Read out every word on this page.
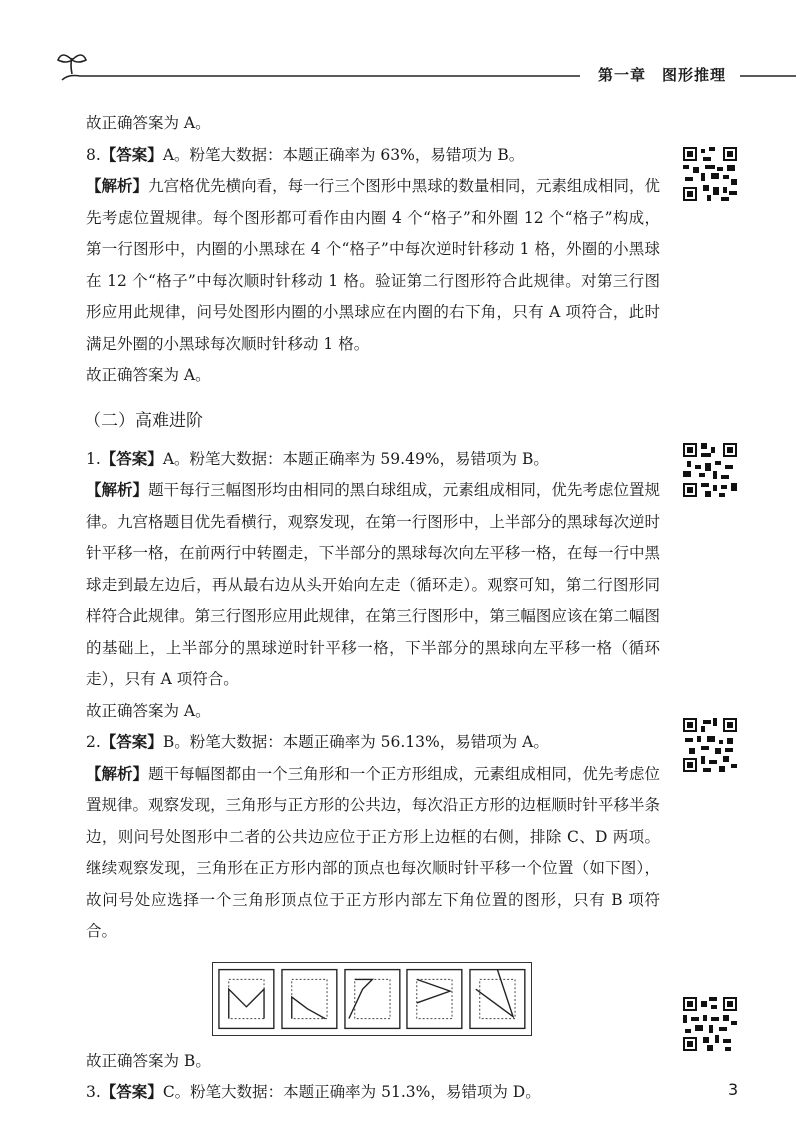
第一章 图形推理

故正确答案为 A。

8.【答案】A。粉笔大数据：本题正确率为 63%，易错项为 B。

【解析】九宫格优先横向看，每一行三个图形中黑球的数量相同，元素组成相同，优先考虑位置规律。每个图形都可看作由内圈 4 个“格子”和外圈 12 个“格子”构成，第一行图形中，内圈的小黑球在 4 个“格子”中每次逆时针移动 1 格，外圈的小黑球在 12 个“格子”中每次顺时针移动 1 格。验证第二行图形符合此规律。对第三行图形应用此规律，问号处图形内圈的小黑球应在内圈的右下角，只有 A 项符合，此时满足外圈的小黑球每次顺时针移动 1 格。

故正确答案为 A。

（二）高难进阶

1.【答案】A。粉笔大数据：本题正确率为 59.49%，易错项为 B。

【解析】题干每行三幅图形均由相同的黑白球组成，元素组成相同，优先考虑位置规律。九宫格题目优先看横行，观察发现，在第一行图形中，上半部分的黑球每次逆时针平移一格，在前两行中转圈走，下半部分的黑球每次向左平移一格，在每一行中黑球走到最左边后，再从最右边从头开始向左走（循环走）。观察可知，第二行图形同样符合此规律。第三行图形应用此规律，在第三行图形中，第三幅图应该在第二幅图的基础上，上半部分的黑球逆时针平移一格，下半部分的黑球向左平移一格（循环走），只有 A 项符合。

故正确答案为 A。

2.【答案】B。粉笔大数据：本题正确率为 56.13%，易错项为 A。

【解析】题干每幅图都由一个三角形和一个正方形组成，元素组成相同，优先考虑位置规律。观察发现，三角形与正方形的公共边，每次沿正方形的边框顺时针平移半条边，则问号处图形中二者的公共边应位于正方形上边框的右侧，排除 C、D 两项。继续观察发现，三角形在正方形内部的顶点也每次顺时针平移一个位置（如下图），故问号处应选择一个三角形顶点位于正方形内部左下角位置的图形，只有 B 项符合。

故正确答案为 B。

3.【答案】C。粉笔大数据：本题正确率为 51.3%，易错项为 D。	3
